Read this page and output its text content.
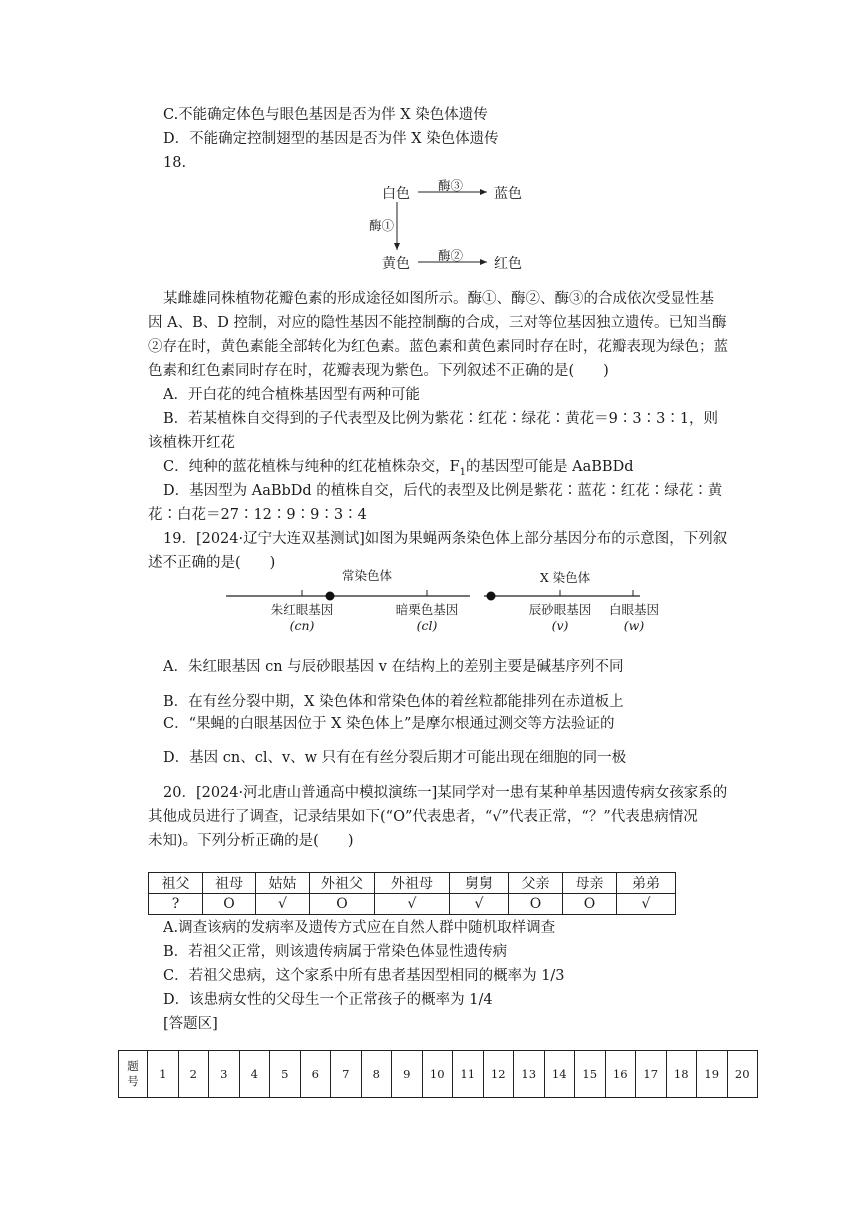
C.不能确定体色与眼色基因是否为伴 X 染色体遗传
D．不能确定控制翅型的基因是否为伴 X 染色体遗传
18.
白色	蓝色
黄色	红色
酶③
酶②
酶①
某雌雄同株植物花瓣色素的形成途径如图所示。酶①、酶②、酶③的合成依次受显性基
因 A、B、D 控制，对应的隐性基因不能控制酶的合成，三对等位基因独立遗传。已知当酶
②存在时，黄色素能全部转化为红色素。蓝色素和黄色素同时存在时，花瓣表现为绿色；蓝
色素和红色素同时存在时，花瓣表现为紫色。下列叙述不正确的是(　　)
A．开白花的纯合植株基因型有两种可能
B．若某植株自交得到的子代表型及比例为紫花∶红花∶绿花∶黄花＝9∶3∶3∶1，则
该植株开红花
C．纯种的蓝花植株与纯种的红花植株杂交，$F_1$的基因型可能是 AaBBDd
D．基因型为 AaBbDd 的植株自交，后代的表型及比例是紫花∶蓝花∶红花∶绿花∶黄
花∶白花＝27∶12∶9∶9∶3∶4
19．[2024·辽宁大连双基测试]如图为果蝇两条染色体上部分基因分布的示意图，下列叙
述不正确的是(　　)
常染色体	X 染色体
朱红眼基因
(cn)
暗栗色基因
(cl)
辰砂眼基因
(v)
白眼基因
(w)
A．朱红眼基因 cn 与辰砂眼基因 v 在结构上的差别主要是碱基序列不同
B．在有丝分裂中期，X 染色体和常染色体的着丝粒都能排列在赤道板上
C．“果蝇的白眼基因位于 X 染色体上”是摩尔根通过测交等方法验证的
D．基因 cn、cl、v、w 只有在有丝分裂后期才可能出现在细胞的同一极
20．[2024·河北唐山普通高中模拟演练一]某同学对一患有某种单基因遗传病女孩家系的
其他成员进行了调查，记录结果如下(“O”代表患者，“√”代表正常，“？”代表患病情况
未知)。下列分析正确的是(　　)
祖父	祖母	姑姑	外祖父	外祖母	舅舅	父亲	母亲	弟弟
?	O	√	O	√	√	O	O	√
A.调查该病的发病率及遗传方式应在自然人群中随机取样调查
B．若祖父正常，则该遗传病属于常染色体显性遗传病
C．若祖父患病，这个家系中所有患者基因型相同的概率为 1/3
D．该患病女性的父母生一个正常孩子的概率为 1/4
[答题区]
题
号	1	2	3	4	5	6	7	8	9	10	11	12	13	14	15	16	17	18	19	20
